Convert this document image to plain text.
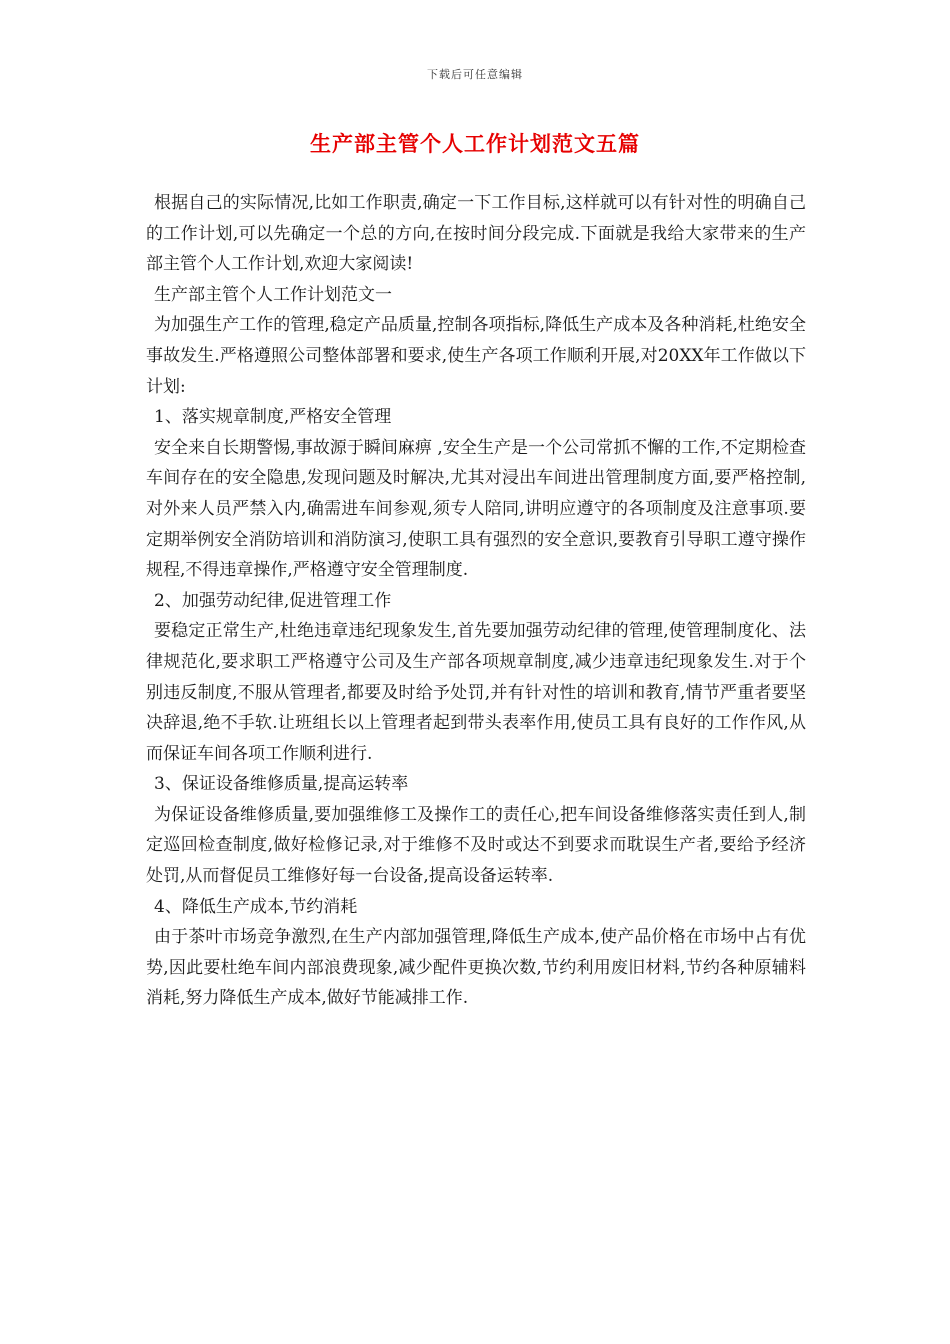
下载后可任意编辑
生产部主管个人工作计划范文五篇

根据自己的实际情况,比如工作职责,确定一下工作目标,这样就可以有针对性的明确自己的工作计划,可以先确定一个总的方向,在按时间分段完成.下面就是我给大家带来的生产部主管个人工作计划,欢迎大家阅读!

生产部主管个人工作计划范文一

为加强生产工作的管理,稳定产品质量,控制各项指标,降低生产成本及各种消耗,杜绝安全事故发生.严格遵照公司整体部署和要求,使生产各项工作顺利开展,对20XX年工作做以下计划:

1、落实规章制度,严格安全管理

安全来自长期警惕,事故源于瞬间麻痹 ,安全生产是一个公司常抓不懈的工作,不定期检查车间存在的安全隐患,发现问题及时解决,尤其对浸出车间进出管理制度方面,要严格控制,对外来人员严禁入内,确需进车间参观,须专人陪同,讲明应遵守的各项制度及注意事项.要定期举例安全消防培训和消防演习,使职工具有强烈的安全意识,要教育引导职工遵守操作规程,不得违章操作,严格遵守安全管理制度.

2、加强劳动纪律,促进管理工作

要稳定正常生产,杜绝违章违纪现象发生,首先要加强劳动纪律的管理,使管理制度化、法律规范化,要求职工严格遵守公司及生产部各项规章制度,减少违章违纪现象发生.对于个别违反制度,不服从管理者,都要及时给予处罚,并有针对性的培训和教育,情节严重者要坚决辞退,绝不手软.让班组长以上管理者起到带头表率作用,使员工具有良好的工作作风,从而保证车间各项工作顺利进行.

3、保证设备维修质量,提高运转率

为保证设备维修质量,要加强维修工及操作工的责任心,把车间设备维修落实责任到人,制定巡回检查制度,做好检修记录,对于维修不及时或达不到要求而耽误生产者,要给予经济处罚,从而督促员工维修好每一台设备,提高设备运转率.

4、降低生产成本,节约消耗

由于茶叶市场竞争激烈,在生产内部加强管理,降低生产成本,使产品价格在市场中占有优势,因此要杜绝车间内部浪费现象,减少配件更换次数,节约利用废旧材料,节约各种原辅料消耗,努力降低生产成本,做好节能减排工作.
